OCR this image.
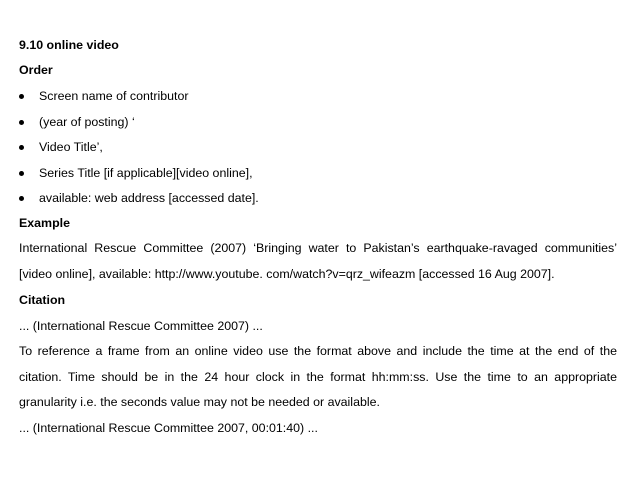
9.10 online video
Order
Screen name of contributor
(year of posting) ‘
Video Title’,
Series Title [if applicable][video online],
available: web address [accessed date].
Example
International Rescue Committee (2007) ‘Bringing water to Pakistan’s earthquake-ravaged communities’
[video online], available: http://www.youtube. com/watch?v=qrz_wifeazm [accessed 16 Aug 2007].
Citation
... (International Rescue Committee 2007) ...
To reference a frame from an online video use the format above and include the time at the end of the
citation. Time should be in the 24 hour clock in the format hh:mm:ss. Use the time to an appropriate
granularity i.e. the seconds value may not be needed or available.
... (International Rescue Committee 2007, 00:01:40) ...
